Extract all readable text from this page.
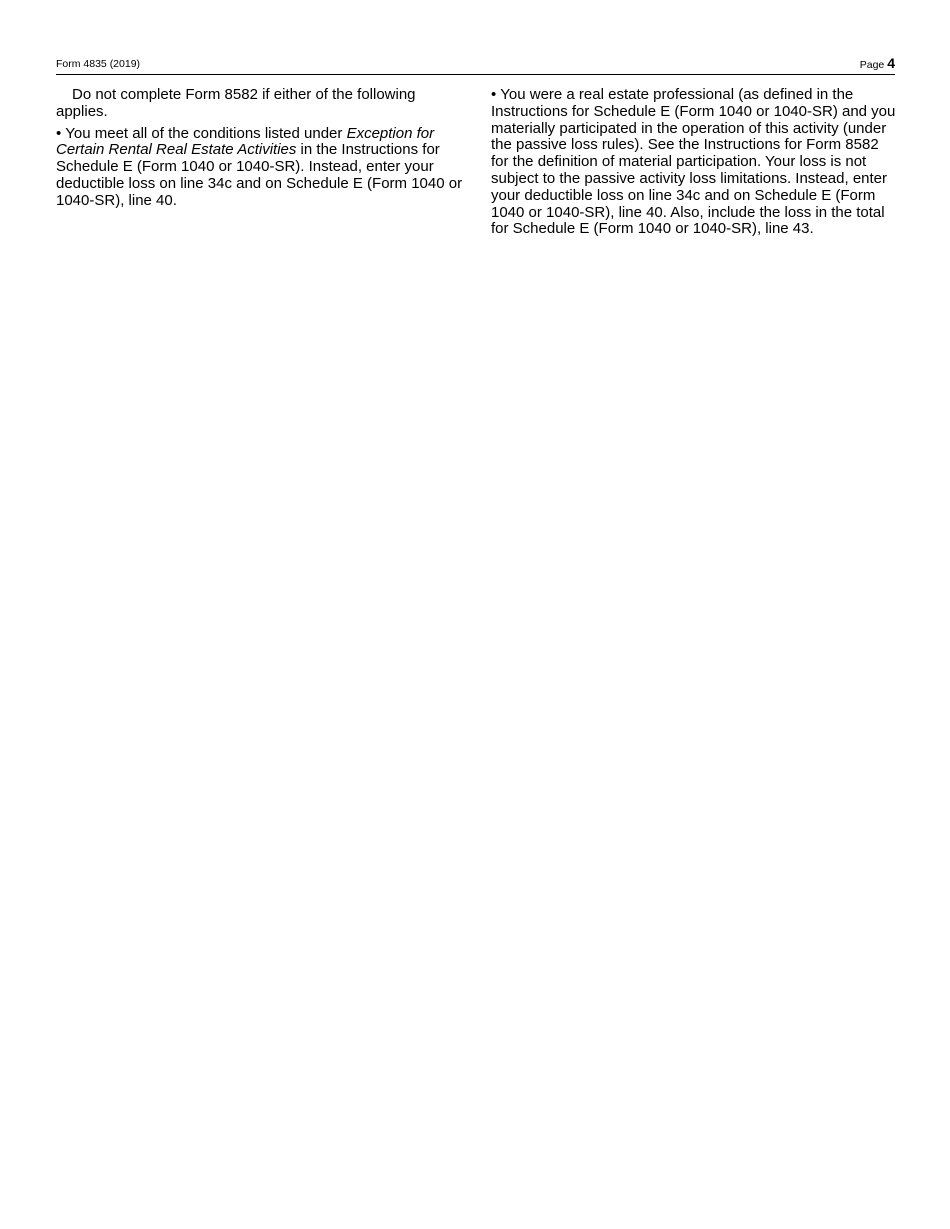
Form 4835 (2019)	Page 4

Do not complete Form 8582 if either of the following applies.

• You meet all of the conditions listed under Exception for Certain Rental Real Estate Activities in the Instructions for Schedule E (Form 1040 or 1040-SR). Instead, enter your deductible loss on line 34c and on Schedule E (Form 1040 or 1040-SR), line 40.

• You were a real estate professional (as defined in the Instructions for Schedule E (Form 1040 or 1040-SR) and you materially participated in the operation of this activity (under the passive loss rules). See the Instructions for Form 8582 for the definition of material participation. Your loss is not subject to the passive activity loss limitations. Instead, enter your deductible loss on line 34c and on Schedule E (Form 1040 or 1040-SR), line 40. Also, include the loss in the total for Schedule E (Form 1040 or 1040-SR), line 43.
